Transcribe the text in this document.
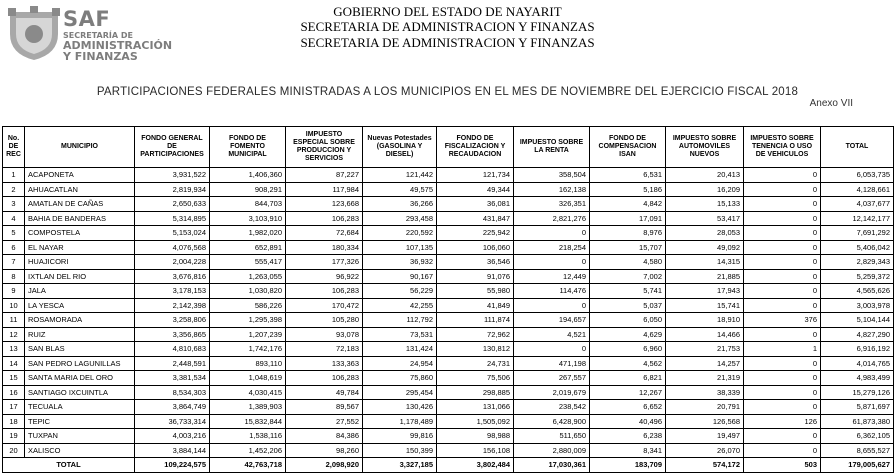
SAF
SECRETARÍA DE
ADMINISTRACIÓN
Y FINANZAS
GOBIERNO DEL ESTADO DE NAYARIT
SECRETARIA DE ADMINISTRACION Y FINANZAS
SECRETARIA DE ADMINISTRACION Y FINANZAS
PARTICIPACIONES FEDERALES MINISTRADAS A LOS MUNICIPIOS EN EL MES DE NOVIEMBRE DEL EJERCICIO FISCAL 2018
Anexo VII
No. DE REC	MUNICIPIO	FONDO GENERAL DE PARTICIPACIONES	FONDO DE FOMENTO MUNICIPAL	IMPUESTO ESPECIAL SOBRE PRODUCCION Y SERVICIOS	Nuevas Potestades (GASOLINA Y DIESEL)	FONDO DE FISCALIZACION Y RECAUDACION	IMPUESTO SOBRE LA RENTA	FONDO DE COMPENSACION ISAN	IMPUESTO SOBRE AUTOMOVILES NUEVOS	IMPUESTO SOBRE TENENCIA O USO DE VEHICULOS	TOTAL
1	ACAPONETA	3,931,522	1,406,360	87,227	121,442	121,734	358,504	6,531	20,413	0	6,053,735
2	AHUACATLAN	2,819,934	908,291	117,984	49,575	49,344	162,138	5,186	16,209	0	4,128,661
3	AMATLAN DE CAÑAS	2,650,633	844,703	123,668	36,266	36,081	326,351	4,842	15,133	0	4,037,677
4	BAHIA DE BANDERAS	5,314,895	3,103,910	106,283	293,458	431,847	2,821,276	17,091	53,417	0	12,142,177
5	COMPOSTELA	5,153,024	1,982,020	72,684	220,592	225,942	0	8,976	28,053	0	7,691,292
6	EL NAYAR	4,076,568	652,891	180,334	107,135	106,060	218,254	15,707	49,092	0	5,406,042
7	HUAJICORI	2,004,228	555,417	177,326	36,932	36,546	0	4,580	14,315	0	2,829,343
8	IXTLAN DEL RIO	3,676,816	1,263,055	96,922	90,167	91,076	12,449	7,002	21,885	0	5,259,372
9	JALA	3,178,153	1,030,820	106,283	56,229	55,980	114,476	5,741	17,943	0	4,565,626
10	LA YESCA	2,142,398	586,226	170,472	42,255	41,849	0	5,037	15,741	0	3,003,978
11	ROSAMORADA	3,258,806	1,295,398	105,280	112,792	111,874	194,657	6,050	18,910	376	5,104,144
12	RUIZ	3,356,865	1,207,239	93,078	73,531	72,962	4,521	4,629	14,466	0	4,827,290
13	SAN BLAS	4,810,683	1,742,176	72,183	131,424	130,812	0	6,960	21,753	1	6,916,192
14	SAN PEDRO LAGUNILLAS	2,448,591	893,110	133,363	24,954	24,731	471,198	4,562	14,257	0	4,014,765
15	SANTA MARIA DEL ORO	3,381,534	1,048,619	106,283	75,860	75,506	267,557	6,821	21,319	0	4,983,499
16	SANTIAGO IXCUINTLA	8,534,303	4,030,415	49,784	295,454	298,885	2,019,679	12,267	38,339	0	15,279,126
17	TECUALA	3,864,749	1,389,903	89,567	130,426	131,066	238,542	6,652	20,791	0	5,871,697
18	TEPIC	36,733,314	15,832,844	27,552	1,178,489	1,505,092	6,428,900	40,496	126,568	126	61,873,380
19	TUXPAN	4,003,216	1,538,116	84,386	99,816	98,988	511,650	6,238	19,497	0	6,362,105
20	XALISCO	3,884,144	1,452,206	98,260	150,399	156,108	2,880,009	8,341	26,070	0	8,655,527
TOTAL		109,224,575	42,763,718	2,098,920	3,327,185	3,802,484	17,030,361	183,709	574,172	503	179,005,627
